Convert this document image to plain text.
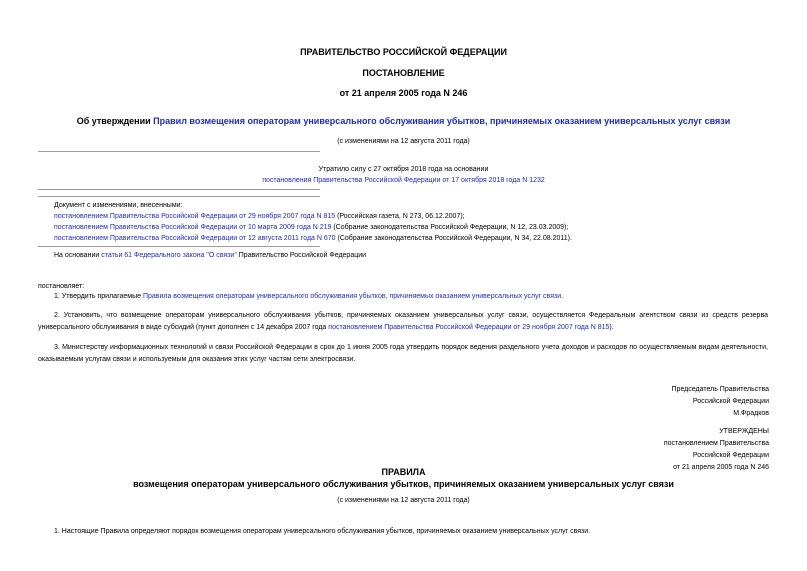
ПРАВИТЕЛЬСТВО РОССИЙСКОЙ ФЕДЕРАЦИИ
ПОСТАНОВЛЕНИЕ
от 21 апреля 2005 года N 246
Об утверждении Правил возмещения операторам универсального обслуживания убытков, причиняемых оказанием универсальных услуг связи
(с изменениями на 12 августа 2011 года)
Утратило силу с 27 октября 2018 года на основании
постановления Правительства Российской Федерации от 17 октября 2018 года N 1232
Документ с изменениями, внесенными:
постановлением Правительства Российской Федерации от 29 ноября 2007 года N 815 (Российская газета, N 273, 06.12.2007);
постановлением Правительства Российской Федерации от 10 марта 2009 года N 219 (Собрание законодательства Российской Федерации, N 12, 23.03.2009);
постановлением Правительства Российской Федерации от 12 августа 2011 года N 670 (Собрание законодательства Российской Федерации, N 34, 22.08.2011).
На основании статьи 61 Федерального закона "О связи" Правительство Российской Федерации
постановляет:
1. Утвердить прилагаемые Правила возмещения операторам универсального обслуживания убытков, причиняемых оказанием универсальных услуг связи.
2. Установить, что возмещение операторам универсального обслуживания убытков, причиняемых оказанием универсальных услуг связи, осуществляется Федеральным агентством связи из средств резерва универсального обслуживания в виде субсидий (пункт дополнен с 14 декабря 2007 года постановлением Правительства Российской Федерации от 29 ноября 2007 года N 815).
3. Министерству информационных технологий и связи Российской Федерации в срок до 1 июня 2005 года утвердить порядок ведения раздельного учета доходов и расходов по осуществляемым видам деятельности, оказываемым услугам связи и используемым для оказания этих услуг частям сети электросвязи.
Председатель Правительства
Российской Федерации
М.Фрадков
УТВЕРЖДЕНЫ
постановлением Правительства
Российской Федерации
от 21 апреля 2005 года N 246
ПРАВИЛА
возмещения операторам универсального обслуживания убытков, причиняемых оказанием универсальных услуг связи
(с изменениями на 12 августа 2011 года)
1. Настоящие Правила определяют порядок возмещения операторам универсального обслуживания убытков, причиняемых оказанием универсальных услуг связи.
